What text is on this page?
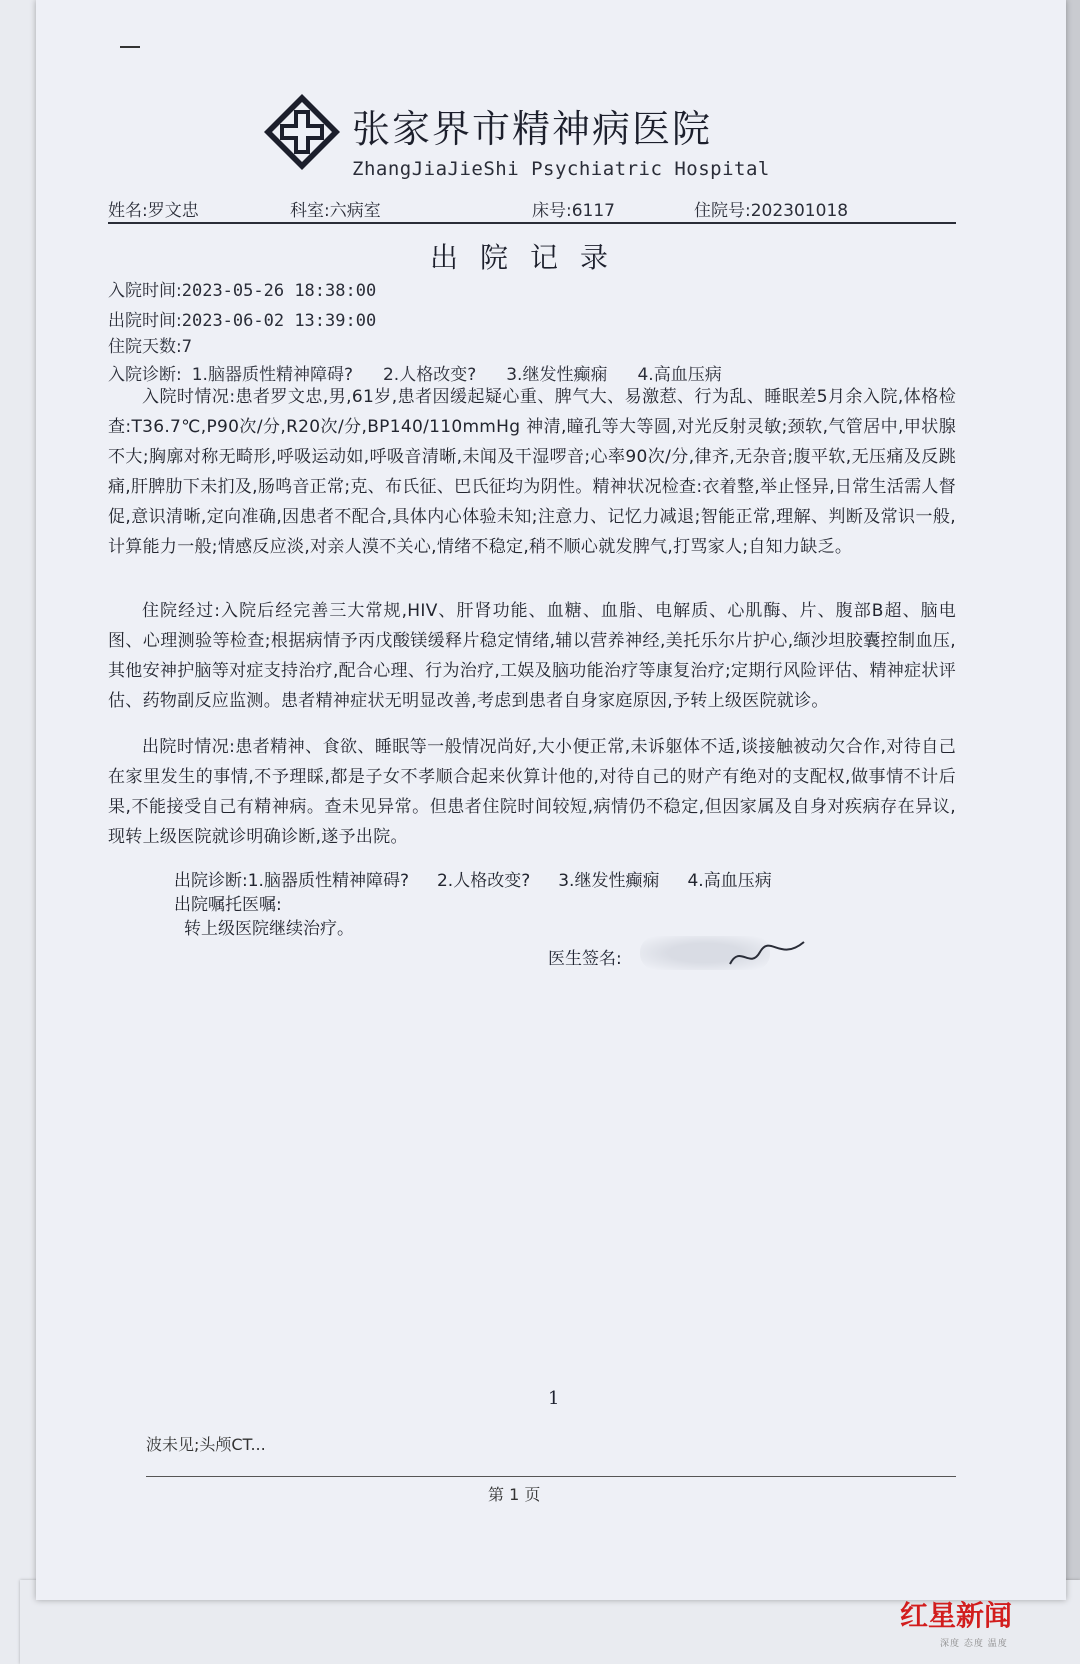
张家界市精神病医院
ZhangJiaJieShi Psychiatric Hospital
姓名:罗文忠	科室:六病室	床号:6117	住院号:202301018
出院记录
入院时间:2023-05-26 18:38:00
出院时间:2023-06-02 13:39:00
住院天数:7
入院诊断: 1.脑器质性精神障碍? 2.人格改变? 3.继发性癫痫 4.高血压病
入院时情况:患者罗文忠,男,61岁,患者因缓起疑心重、脾气大、易激惹、行为乱、睡眠差5月余入院,体格检查:T36.7℃,P90次/分,R20次/分,BP140/110mmHg 神清,瞳孔等大等圆,对光反射灵敏;颈软,气管居中,甲状腺不大;胸廓对称无畸形,呼吸运动如,呼吸音清晰,未闻及干湿啰音;心率90次/分,律齐,无杂音;腹平软,无压痛及反跳痛,肝脾肋下未扪及,肠鸣音正常;克、布氏征、巴氏征均为阴性。精神状况检查:衣着整,举止怪异,日常生活需人督促,意识清晰,定向准确,因患者不配合,具体内心体验未知;注意力、记忆力减退;智能正常,理解、判断及常识一般,计算能力一般;情感反应淡,对亲人漠不关心,情绪不稳定,稍不顺心就发脾气,打骂家人;自知力缺乏。
住院经过:入院后经完善三大常规,HIV、肝肾功能、血糖、血脂、电解质、心肌酶、片、腹部B超、脑电图、心理测验等检查;根据病情予丙戊酸镁缓释片稳定情绪,辅以营养神经,美托乐尔片护心,缬沙坦胶囊控制血压,其他安神护脑等对症支持治疗,配合心理、行为治疗,工娱及脑功能治疗等康复治疗;定期行风险评估、精神症状评估、药物副反应监测。患者精神症状无明显改善,考虑到患者自身家庭原因,予转上级医院就诊。
出院时情况:患者精神、食欲、睡眠等一般情况尚好,大小便正常,未诉躯体不适,谈接触被动欠合作,对待自己在家里发生的事情,不予理睬,都是子女不孝顺合起来伙算计他的,对待自己的财产有绝对的支配权,做事情不计后果,不能接受自己有精神病。查未见异常。但患者住院时间较短,病情仍不稳定,但因家属及自身对疾病存在异议,现转上级医院就诊明确诊断,遂予出院。
出院诊断:1.脑器质性精神障碍? 2.人格改变? 3.继发性癫痫 4.高血压病
出院嘱托医嘱:
转上级医院继续治疗。
医生签名:
1
波未见;头颅CT...
第 1 页
红星新闻
深度 态度 温度
